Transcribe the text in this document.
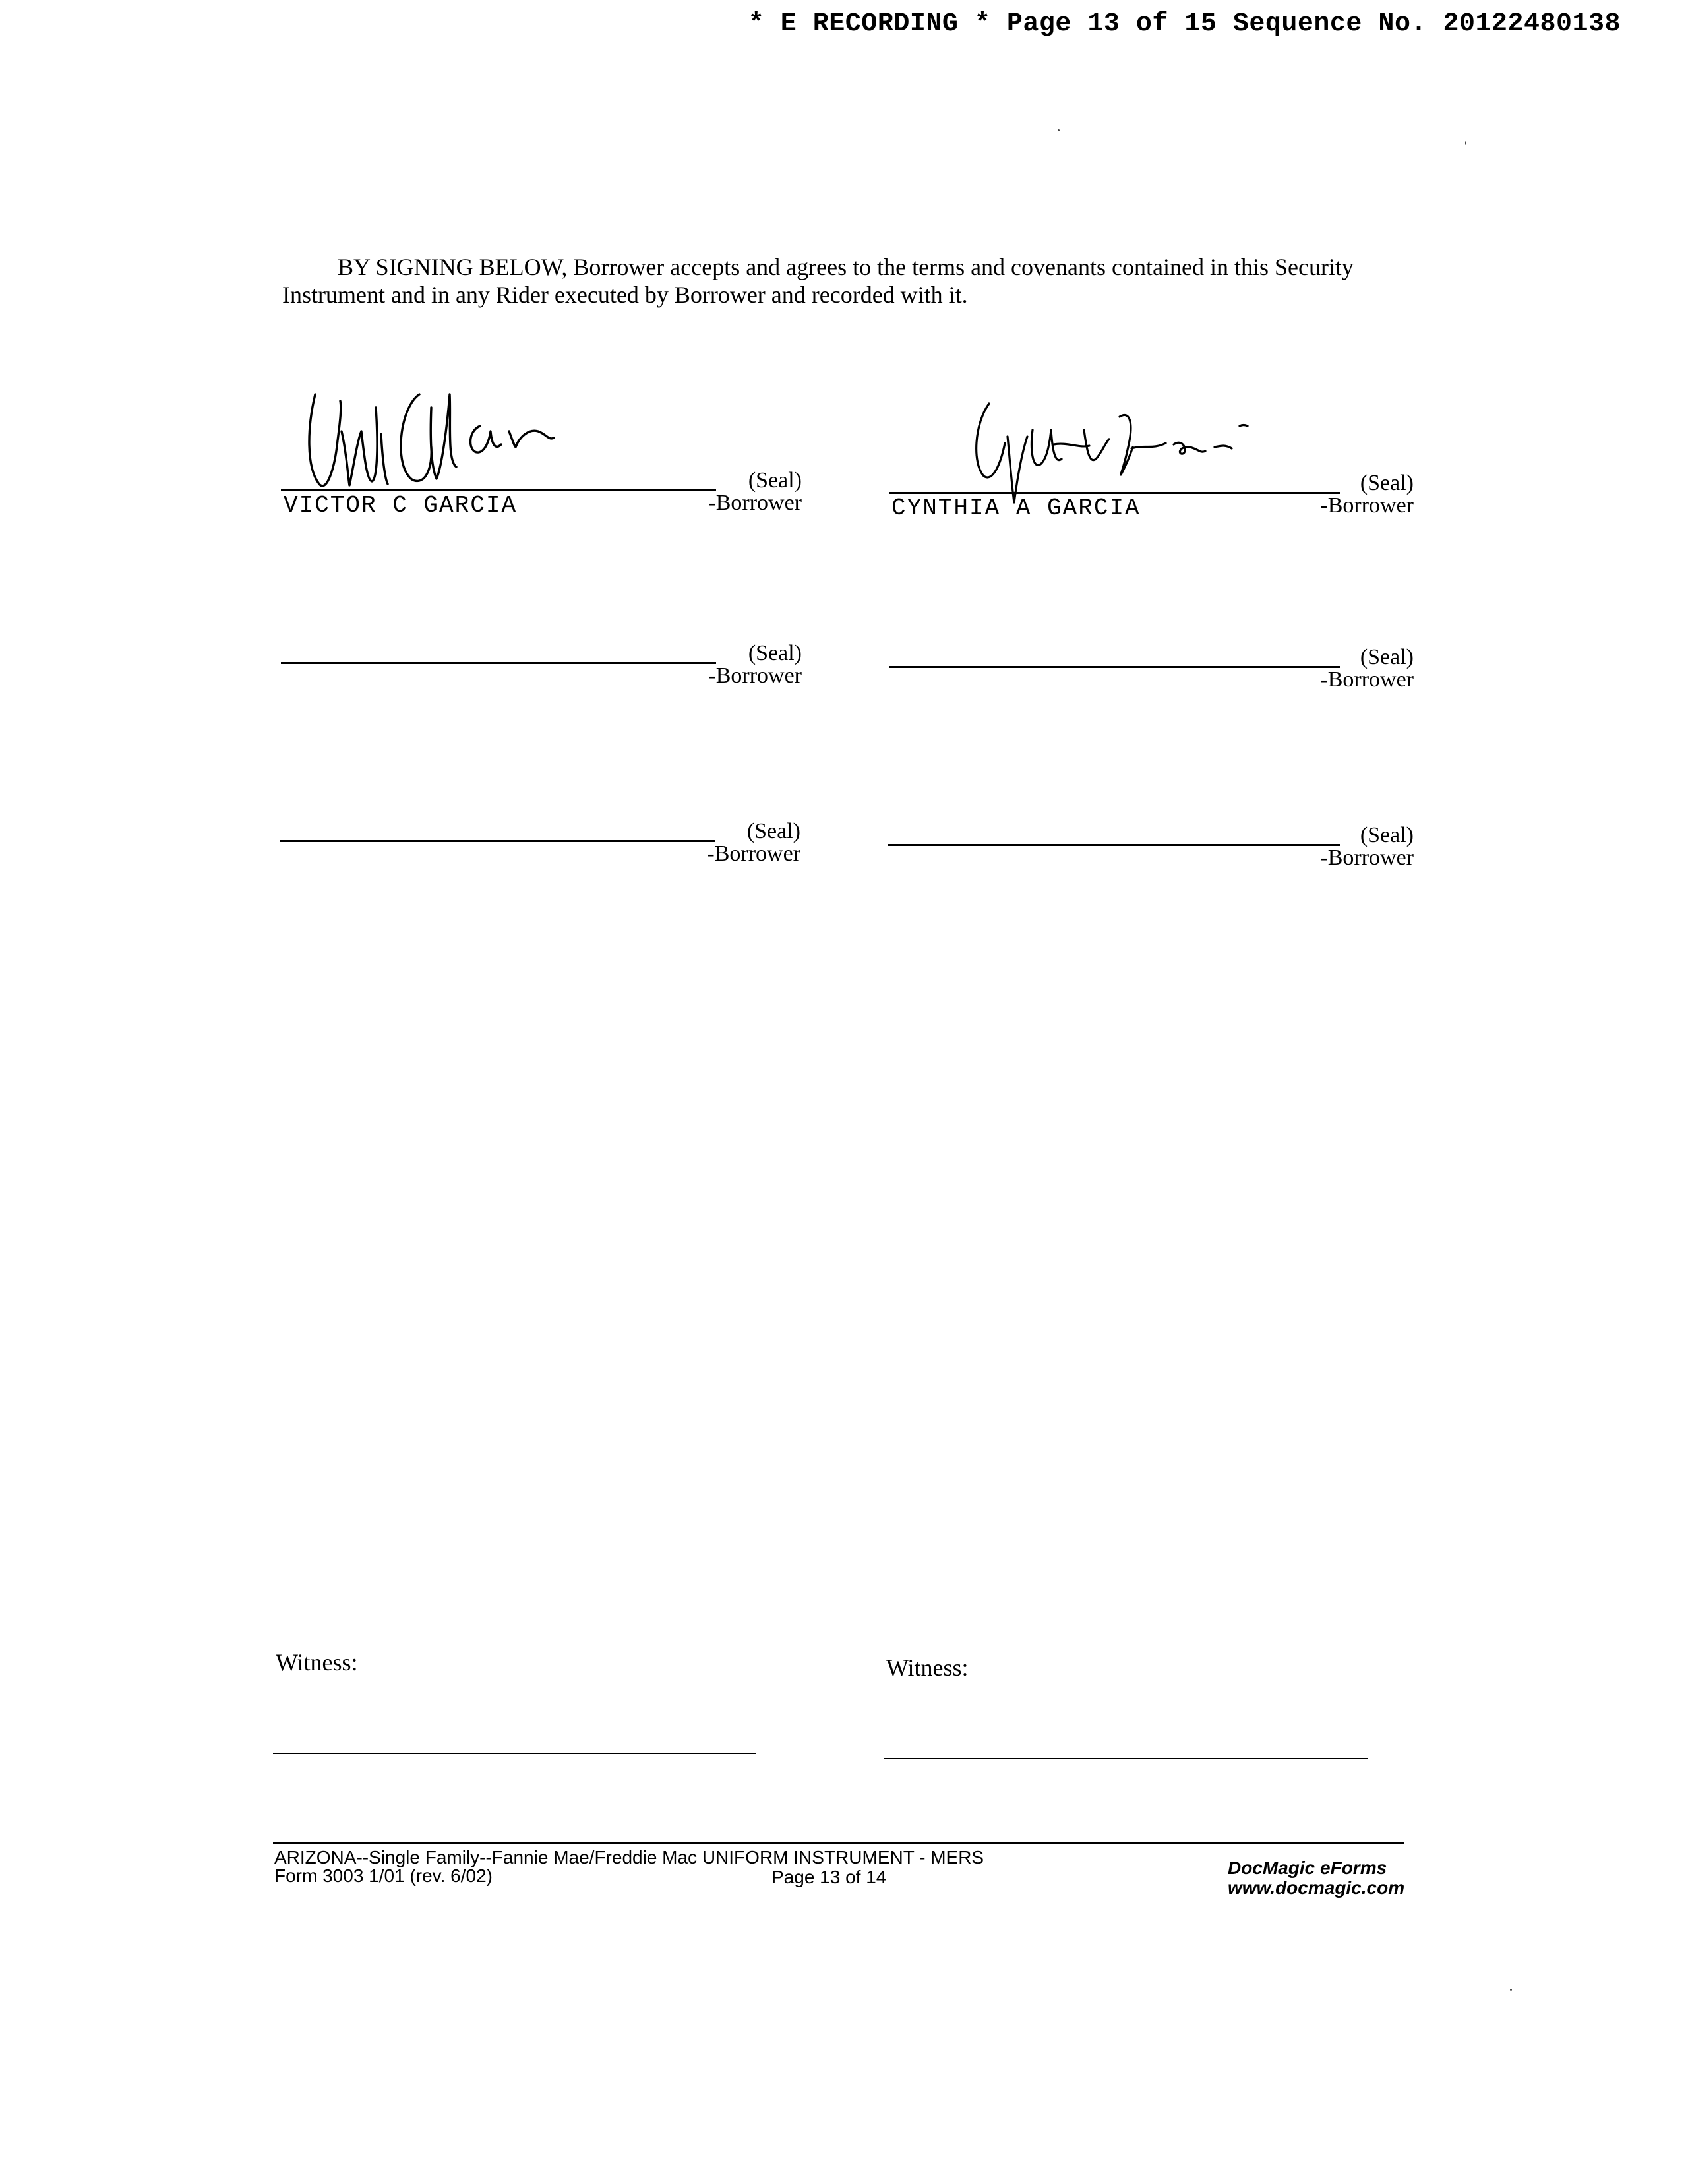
* E RECORDING * Page 13 of 15 Sequence No. 20122480138

BY SIGNING BELOW, Borrower accepts and agrees to the terms and covenants contained in this Security Instrument and in any Rider executed by Borrower and recorded with it.

(Seal)
-Borrower
VICTOR C GARCIA
(Seal)
-Borrower
CYNTHIA A GARCIA
(Seal)
-Borrower
(Seal)
-Borrower
(Seal)
-Borrower
(Seal)
-Borrower
Witness:	Witness:
ARIZONA--Single Family--Fannie Mae/Freddie Mac UNIFORM INSTRUMENT - MERS
Form 3003 1/01 (rev. 6/02)	Page 13 of 14	DocMagic eForms
www.docmagic.com
